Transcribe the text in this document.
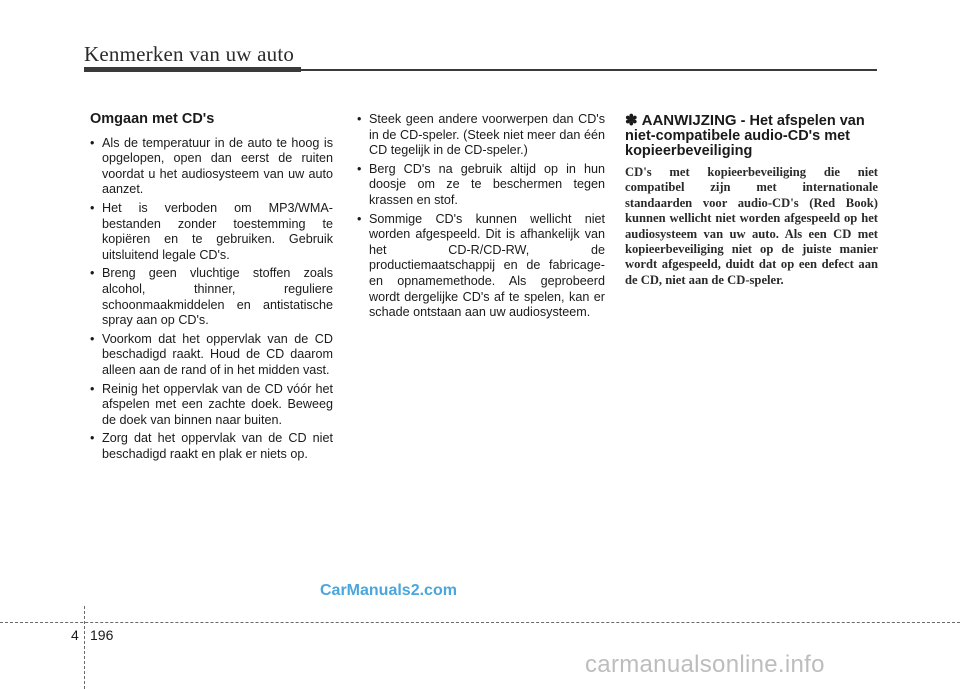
Kenmerken van uw auto
Omgaan met CD's
• Als de temperatuur in de auto te hoog is opgelopen, open dan eerst de ruiten voordat u het audiosysteem van uw auto aanzet.
• Het is verboden om MP3/WMA-bestanden zonder toestemming te kopiëren en te gebruiken. Gebruik uitsluitend legale CD's.
• Breng geen vluchtige stoffen zoals alcohol, thinner, reguliere schoonmaakmiddelen en antistatische spray aan op CD's.
• Voorkom dat het oppervlak van de CD beschadigd raakt. Houd de CD daarom alleen aan de rand of in het midden vast.
• Reinig het oppervlak van de CD vóór het afspelen met een zachte doek. Beweeg de doek van binnen naar buiten.
• Zorg dat het oppervlak van de CD niet beschadigd raakt en plak er niets op.
• Steek geen andere voorwerpen dan CD's in de CD-speler. (Steek niet meer dan één CD tegelijk in de CD-speler.)
• Berg CD's na gebruik altijd op in hun doosje om ze te beschermen tegen krassen en stof.
• Sommige CD's kunnen wellicht niet worden afgespeeld. Dit is afhankelijk van het CD-R/CD-RW, de productiemaatschappij en de fabricage- en opnamemethode. Als geprobeerd wordt dergelijke CD's af te spelen, kan er schade ontstaan aan uw audiosysteem.
✽ AANWIJZING - Het afspelen van niet-compatibele audio-CD's met kopieerbeveiliging
CD's met kopieerbeveiliging die niet compatibel zijn met internationale standaarden voor audio-CD's (Red Book) kunnen wellicht niet worden afgespeeld op het audiosysteem van uw auto. Als een CD met kopieerbeveiliging niet op de juiste manier wordt afgespeeld, duidt dat op een defect aan de CD, niet aan de CD-speler.
CarManuals2.com
4 196
carmanualsonline.info
